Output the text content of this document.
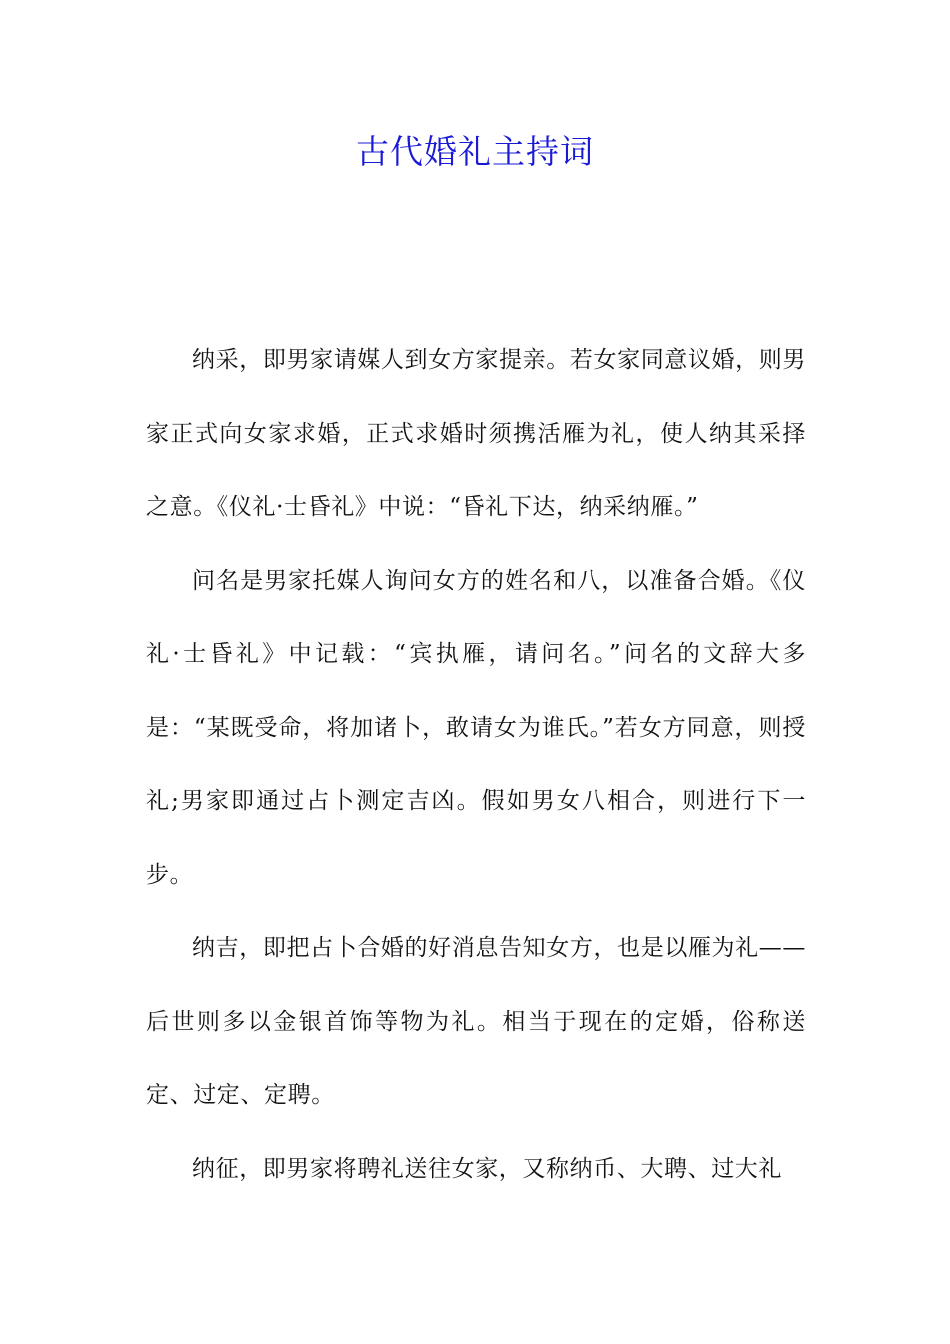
古代婚礼主持词

纳采，即男家请媒人到女方家提亲。若女家同意议婚，则男家正式向女家求婚，正式求婚时须携活雁为礼，使人纳其采择之意。《仪礼·士昏礼》中说：“昏礼下达，纳采纳雁。”

问名是男家托媒人询问女方的姓名和八，以准备合婚。《仪礼·士昏礼》中记载：“宾执雁，请问名。”问名的文辞大多是：“某既受命，将加诸卜，敢请女为谁氏。”若女方同意，则授礼;男家即通过占卜测定吉凶。假如男女八相合，则进行下一步。

纳吉，即把占卜合婚的好消息告知女方，也是以雁为礼——后世则多以金银首饰等物为礼。相当于现在的定婚，俗称送定、过定、定聘。

纳征，即男家将聘礼送往女家，又称纳币、大聘、过大礼
